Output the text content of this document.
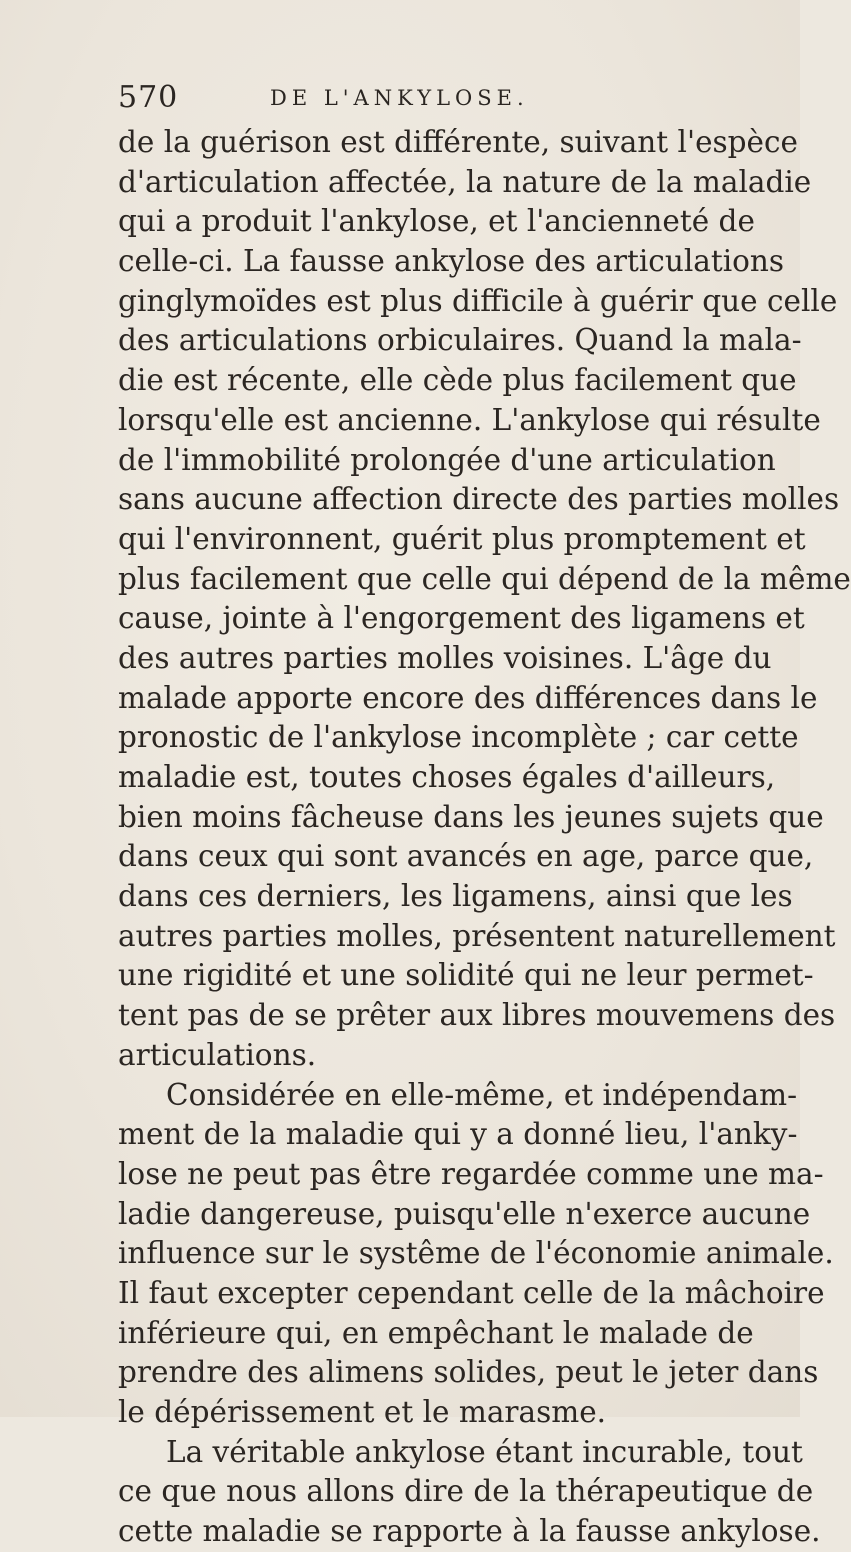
570	DE L'ANKYLOSE.
de la guérison est différente, suivant l'espèce
d'articulation affectée, la nature de la maladie
qui a produit l'ankylose, et l'ancienneté de
celle-ci. La fausse ankylose des articulations
ginglymoïdes est plus difficile à guérir que celle
des articulations orbiculaires. Quand la mala-
die est récente, elle cède plus facilement que
lorsqu'elle est ancienne. L'ankylose qui résulte
de l'immobilité prolongée d'une articulation
sans aucune affection directe des parties molles
qui l'environnent, guérit plus promptement et
plus facilement que celle qui dépend de la même
cause, jointe à l'engorgement des ligamens et
des autres parties molles voisines. L'âge du
malade apporte encore des différences dans le
pronostic de l'ankylose incomplète ; car cette
maladie est, toutes choses égales d'ailleurs,
bien moins fâcheuse dans les jeunes sujets que
dans ceux qui sont avancés en age, parce que,
dans ces derniers, les ligamens, ainsi que les
autres parties molles, présentent naturellement
une rigidité et une solidité qui ne leur permet-
tent pas de se prêter aux libres mouvemens des
articulations.
Considérée en elle-même, et indépendam-
ment de la maladie qui y a donné lieu, l'anky-
lose ne peut pas être regardée comme une ma-
ladie dangereuse, puisqu'elle n'exerce aucune
influence sur le systême de l'économie animale.
Il faut excepter cependant celle de la mâchoire
inférieure qui, en empêchant le malade de
prendre des alimens solides, peut le jeter dans
le dépérissement et le marasme.
La véritable ankylose étant incurable, tout
ce que nous allons dire de la thérapeutique de
cette maladie se rapporte à la fausse ankylose.
